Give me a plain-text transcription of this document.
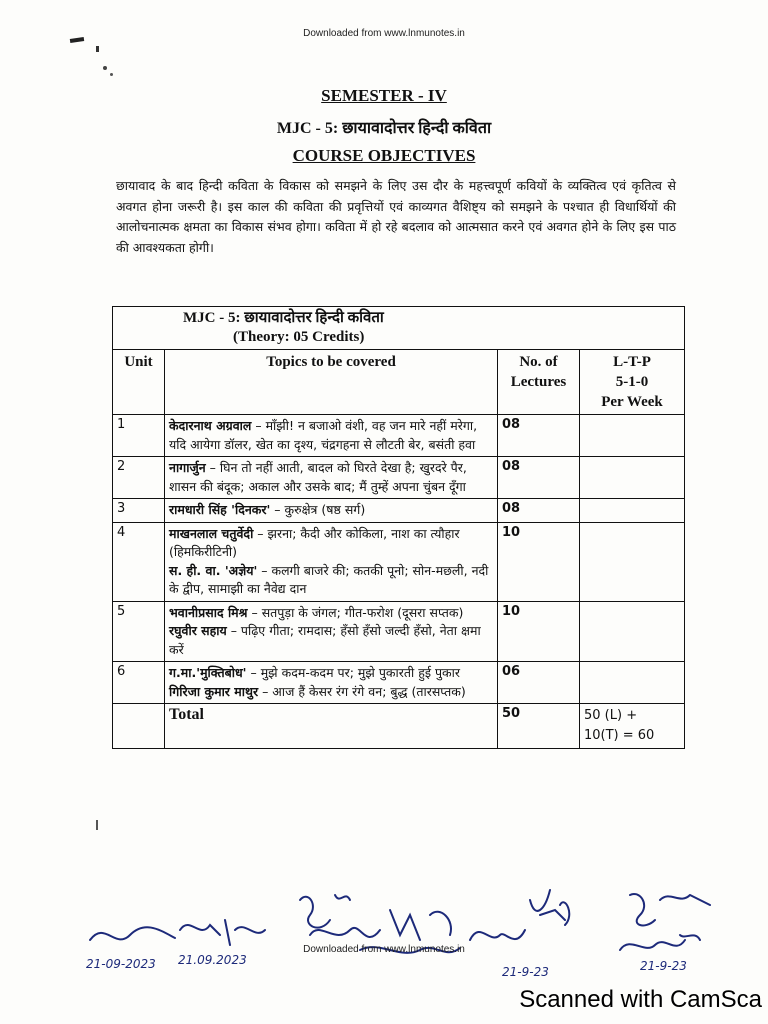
Downloaded from www.lnmunotes.in
SEMESTER - IV
MJC - 5: छायावादोत्तर हिन्दी कविता
COURSE OBJECTIVES

छायावाद के बाद हिन्दी कविता के विकास को समझने के लिए उस दौर के महत्त्वपूर्ण कवियों के व्यक्तित्व एवं कृतित्व से अवगत होना जरूरी है। इस काल की कविता की प्रवृत्तियों एवं काव्यगत वैशिष्ट्य को समझने के पश्चात ही विधार्थियों की आलोचनात्मक क्षमता का विकास संभव होगा। कविता में हो रहे बदलाव को आत्मसात करने एवं अवगत होने के लिए इस पाठ की आवश्यकता होगी।

MJC - 5: छायावादोत्तर हिन्दी कविता
(Theory: 05 Credits)			

Unit	Topics to be covered	No. of Lectures	L-T-P
5-1-0
Per Week

1	केदारनाथ अग्रवाल – माँझी! न बजाओ वंशी, वह जन मारे नहीं मरेगा, यदि आयेगा डॉलर, खेत का दृश्य, चंद्रगहना से लौटती बेर, बसंती हवा	08	
2	नागार्जुन – घिन तो नहीं आती, बादल को घिरते देखा है; खुरदरे पैर, शासन की बंदूक; अकाल और उसके बाद; मैं तुम्हें अपना चुंबन दूँगा	08	
3	रामधारी सिंह 'दिनकर' – कुरुक्षेत्र (षष्ठ सर्ग)	08	
4	माखनलाल चतुर्वेदी – झरना; कैदी और कोकिला, नाश का त्यौहार (हिमकिरीटिनी)
स. ही. वा. 'अज्ञेय' – कलगी बाजरे की; कतकी पूनो; सोन-मछली, नदी के द्वीप, सामाझी का नैवेद्य दान	10	
5	भवानीप्रसाद मिश्र – सतपुड़ा के जंगल; गीत-फरोश (दूसरा सप्तक)
रघुवीर सहाय – पढ़िए गीता; रामदास; हँसो हँसो जल्दी हँसो, नेता क्षमा करें	10	
6	ग.मा.'मुक्तिबोध' – मुझे कदम-कदम पर; मुझे पुकारती हुई पुकार
गिरिजा कुमार माथुर – आज हैं केसर रंग रंगे वन; बुद्ध (तारसप्तक)	06	
	Total	50	50 (L) +
10(T) = 60
21-09-2023 21.09.2023
21-9-23	21-9-23
Downloaded from www.lnmunotes.in
Scanned with CamSca
